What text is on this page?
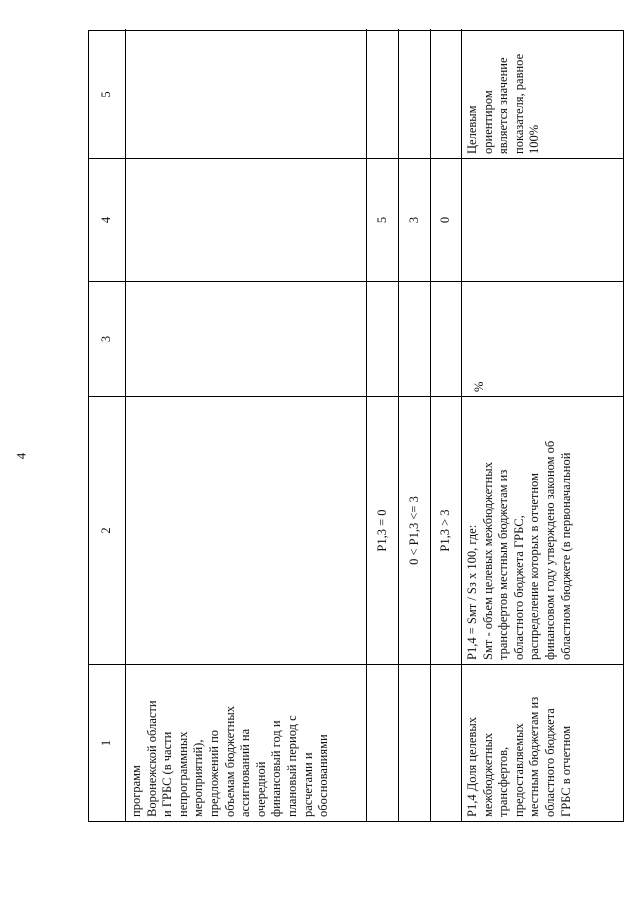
4
1
2
3
4
5
программ
Воронежской области
и ГРБС (в части
непрограммных
мероприятий),
предложений по
объемам бюджетных
ассигнований на
очередной
финансовый год и
плановый период с
расчетами и
обоснованиями
Р1,3 = 0
5
0 < Р1,3 <= 3
3
Р1,3 > 3
0
Р1,4 Доля целевых
межбюджетных
трансфертов,
предоставляемых
местным бюджетам из
областного бюджета
ГРБС в отчетном
Р1,4 = Sмт / Sз х 100, где:
Sмт - объем целевых межбюджетных
трансфертов местным бюджетам из
областного бюджета ГРБС,
распределение которых в отчетном
финансовом году утверждено законом об
областном бюджете (в первоначальной
%
Целевым
ориентиром
является значение
показателя, равное
100%
